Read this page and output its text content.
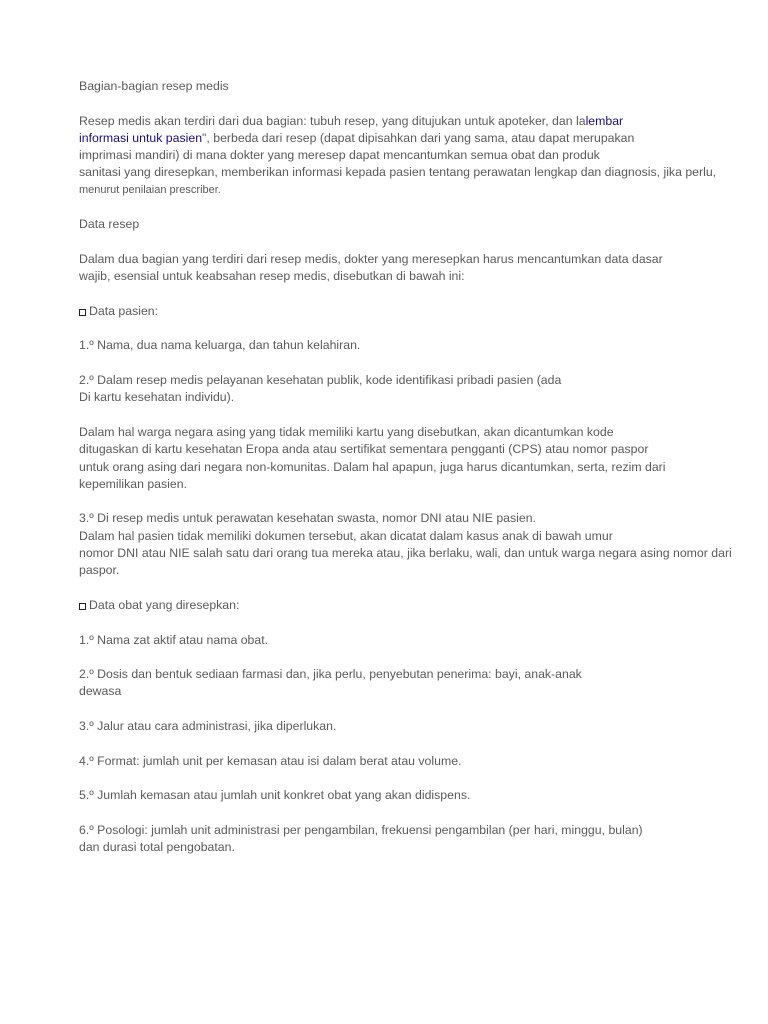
Bagian-bagian resep medis
Resep medis akan terdiri dari dua bagian: tubuh resep, yang ditujukan untuk apoteker, dan lalembar
informasi untuk pasien", berbeda dari resep (dapat dipisahkan dari yang sama, atau dapat merupakan
imprimasi mandiri) di mana dokter yang meresep dapat mencantumkan semua obat dan produk
sanitasi yang diresepkan, memberikan informasi kepada pasien tentang perawatan lengkap dan diagnosis, jika perlu,
menurut penilaian prescriber.
Data resep
Dalam dua bagian yang terdiri dari resep medis, dokter yang meresepkan harus mencantumkan data dasar
wajib, esensial untuk keabsahan resep medis, disebutkan di bawah ini:
Data pasien:
1.º Nama, dua nama keluarga, dan tahun kelahiran.
2.º Dalam resep medis pelayanan kesehatan publik, kode identifikasi pribadi pasien (ada
Di kartu kesehatan individu).
Dalam hal warga negara asing yang tidak memiliki kartu yang disebutkan, akan dicantumkan kode
ditugaskan di kartu kesehatan Eropa anda atau sertifikat sementara pengganti (CPS) atau nomor paspor
untuk orang asing dari negara non-komunitas. Dalam hal apapun, juga harus dicantumkan, serta, rezim dari
kepemilikan pasien.
3.º Di resep medis untuk perawatan kesehatan swasta, nomor DNI atau NIE pasien.
Dalam hal pasien tidak memiliki dokumen tersebut, akan dicatat dalam kasus anak di bawah umur
nomor DNI atau NIE salah satu dari orang tua mereka atau, jika berlaku, wali, dan untuk warga negara asing nomor dari
paspor.
Data obat yang diresepkan:
1.º Nama zat aktif atau nama obat.
2.º Dosis dan bentuk sediaan farmasi dan, jika perlu, penyebutan penerima: bayi, anak-anak
dewasa
3.º Jalur atau cara administrasi, jika diperlukan.
4.º Format: jumlah unit per kemasan atau isi dalam berat atau volume.
5.º Jumlah kemasan atau jumlah unit konkret obat yang akan didispens.
6.º Posologi: jumlah unit administrasi per pengambilan, frekuensi pengambilan (per hari, minggu, bulan)
dan durasi total pengobatan.
